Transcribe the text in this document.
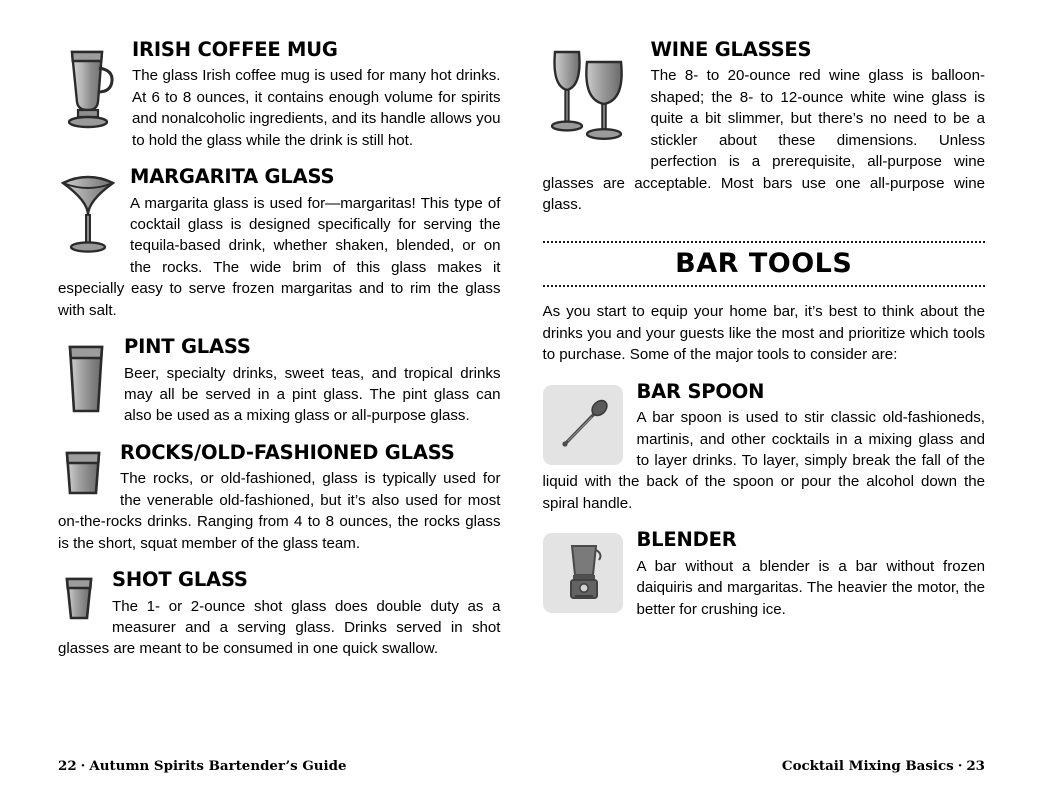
IRISH COFFEE MUG

The glass Irish coffee mug is used for many hot drinks. At 6 to 8 ounces, it contains enough volume for spirits and nonalcoholic ingredients, and its handle allows you to hold the glass while the drink is still hot.

MARGARITA GLASS

A margarita glass is used for—margaritas! This type of cocktail glass is designed specifically for serving the tequila-based drink, whether shaken, blended, or on the rocks. The wide brim of this glass makes it especially easy to serve frozen margaritas and to rim the glass with salt.

PINT GLASS

Beer, specialty drinks, sweet teas, and tropical drinks may all be served in a pint glass. The pint glass can also be used as a mixing glass or all-purpose glass.

ROCKS/OLD-FASHIONED GLASS

The rocks, or old-fashioned, glass is typically used for the venerable old-fashioned, but it’s also used for most on-the-rocks drinks. Ranging from 4 to 8 ounces, the rocks glass is the short, squat member of the glass team.

SHOT GLASS

The 1- or 2-ounce shot glass does double duty as a measurer and a serving glass. Drinks served in shot glasses are meant to be consumed in one quick swallow.

WINE GLASSES

The 8- to 20-ounce red wine glass is balloon-shaped; the 8- to 12-ounce white wine glass is quite a bit slimmer, but there’s no need to be a stickler about these dimensions. Unless perfection is a prerequisite, all-purpose wine glasses are acceptable. Most bars use one all-purpose wine glass.

BAR TOOLS

As you start to equip your home bar, it’s best to think about the drinks you and your guests like the most and prioritize which tools to purchase. Some of the major tools to consider are:

BAR SPOON

A bar spoon is used to stir classic old-fashioneds, martinis, and other cocktails in a mixing glass and to layer drinks. To layer, simply break the fall of the liquid with the back of the spoon or pour the alcohol down the spiral handle.

BLENDER

A bar without a blender is a bar without frozen daiquiris and margaritas. The heavier the motor, the better for crushing ice.

22 · Autumn Spirits Bartender’s Guide	Cocktail Mixing Basics · 23
